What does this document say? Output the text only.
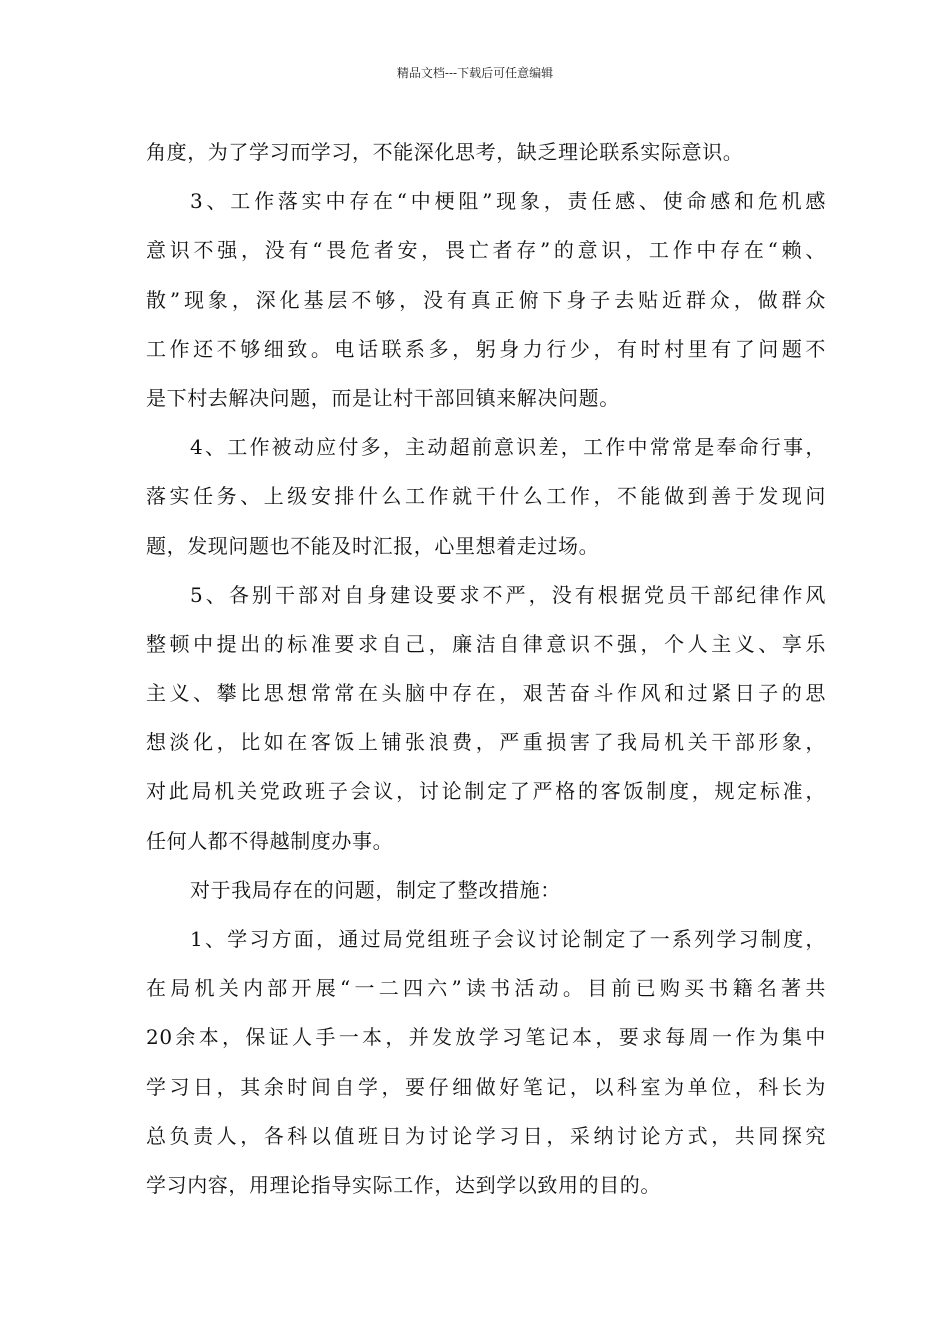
精品文档---下载后可任意编辑
角度，为了学习而学习，不能深化思考，缺乏理论联系实际意识。
3、工作落实中存在“中梗阻”现象，责任感、使命感和危机感
意识不强，没有“畏危者安，畏亡者存”的意识，工作中存在“赖、
散”现象，深化基层不够，没有真正俯下身子去贴近群众，做群众
工作还不够细致。电话联系多，躬身力行少，有时村里有了问题不
是下村去解决问题，而是让村干部回镇来解决问题。
4、工作被动应付多，主动超前意识差，工作中常常是奉命行事，
落实任务、上级安排什么工作就干什么工作，不能做到善于发现问
题，发现问题也不能及时汇报，心里想着走过场。
5、各别干部对自身建设要求不严，没有根据党员干部纪律作风
整顿中提出的标准要求自己，廉洁自律意识不强，个人主义、享乐
主义、攀比思想常常在头脑中存在，艰苦奋斗作风和过紧日子的思
想淡化，比如在客饭上铺张浪费，严重损害了我局机关干部形象，
对此局机关党政班子会议，讨论制定了严格的客饭制度，规定标准，
任何人都不得越制度办事。
对于我局存在的问题，制定了整改措施：
1、学习方面，通过局党组班子会议讨论制定了一系列学习制度，
在局机关内部开展“一二四六”读书活动。目前已购买书籍名著共
20余本，保证人手一本，并发放学习笔记本，要求每周一作为集中
学习日，其余时间自学，要仔细做好笔记，以科室为单位，科长为
总负责人，各科以值班日为讨论学习日，采纳讨论方式，共同探究
学习内容，用理论指导实际工作，达到学以致用的目的。
